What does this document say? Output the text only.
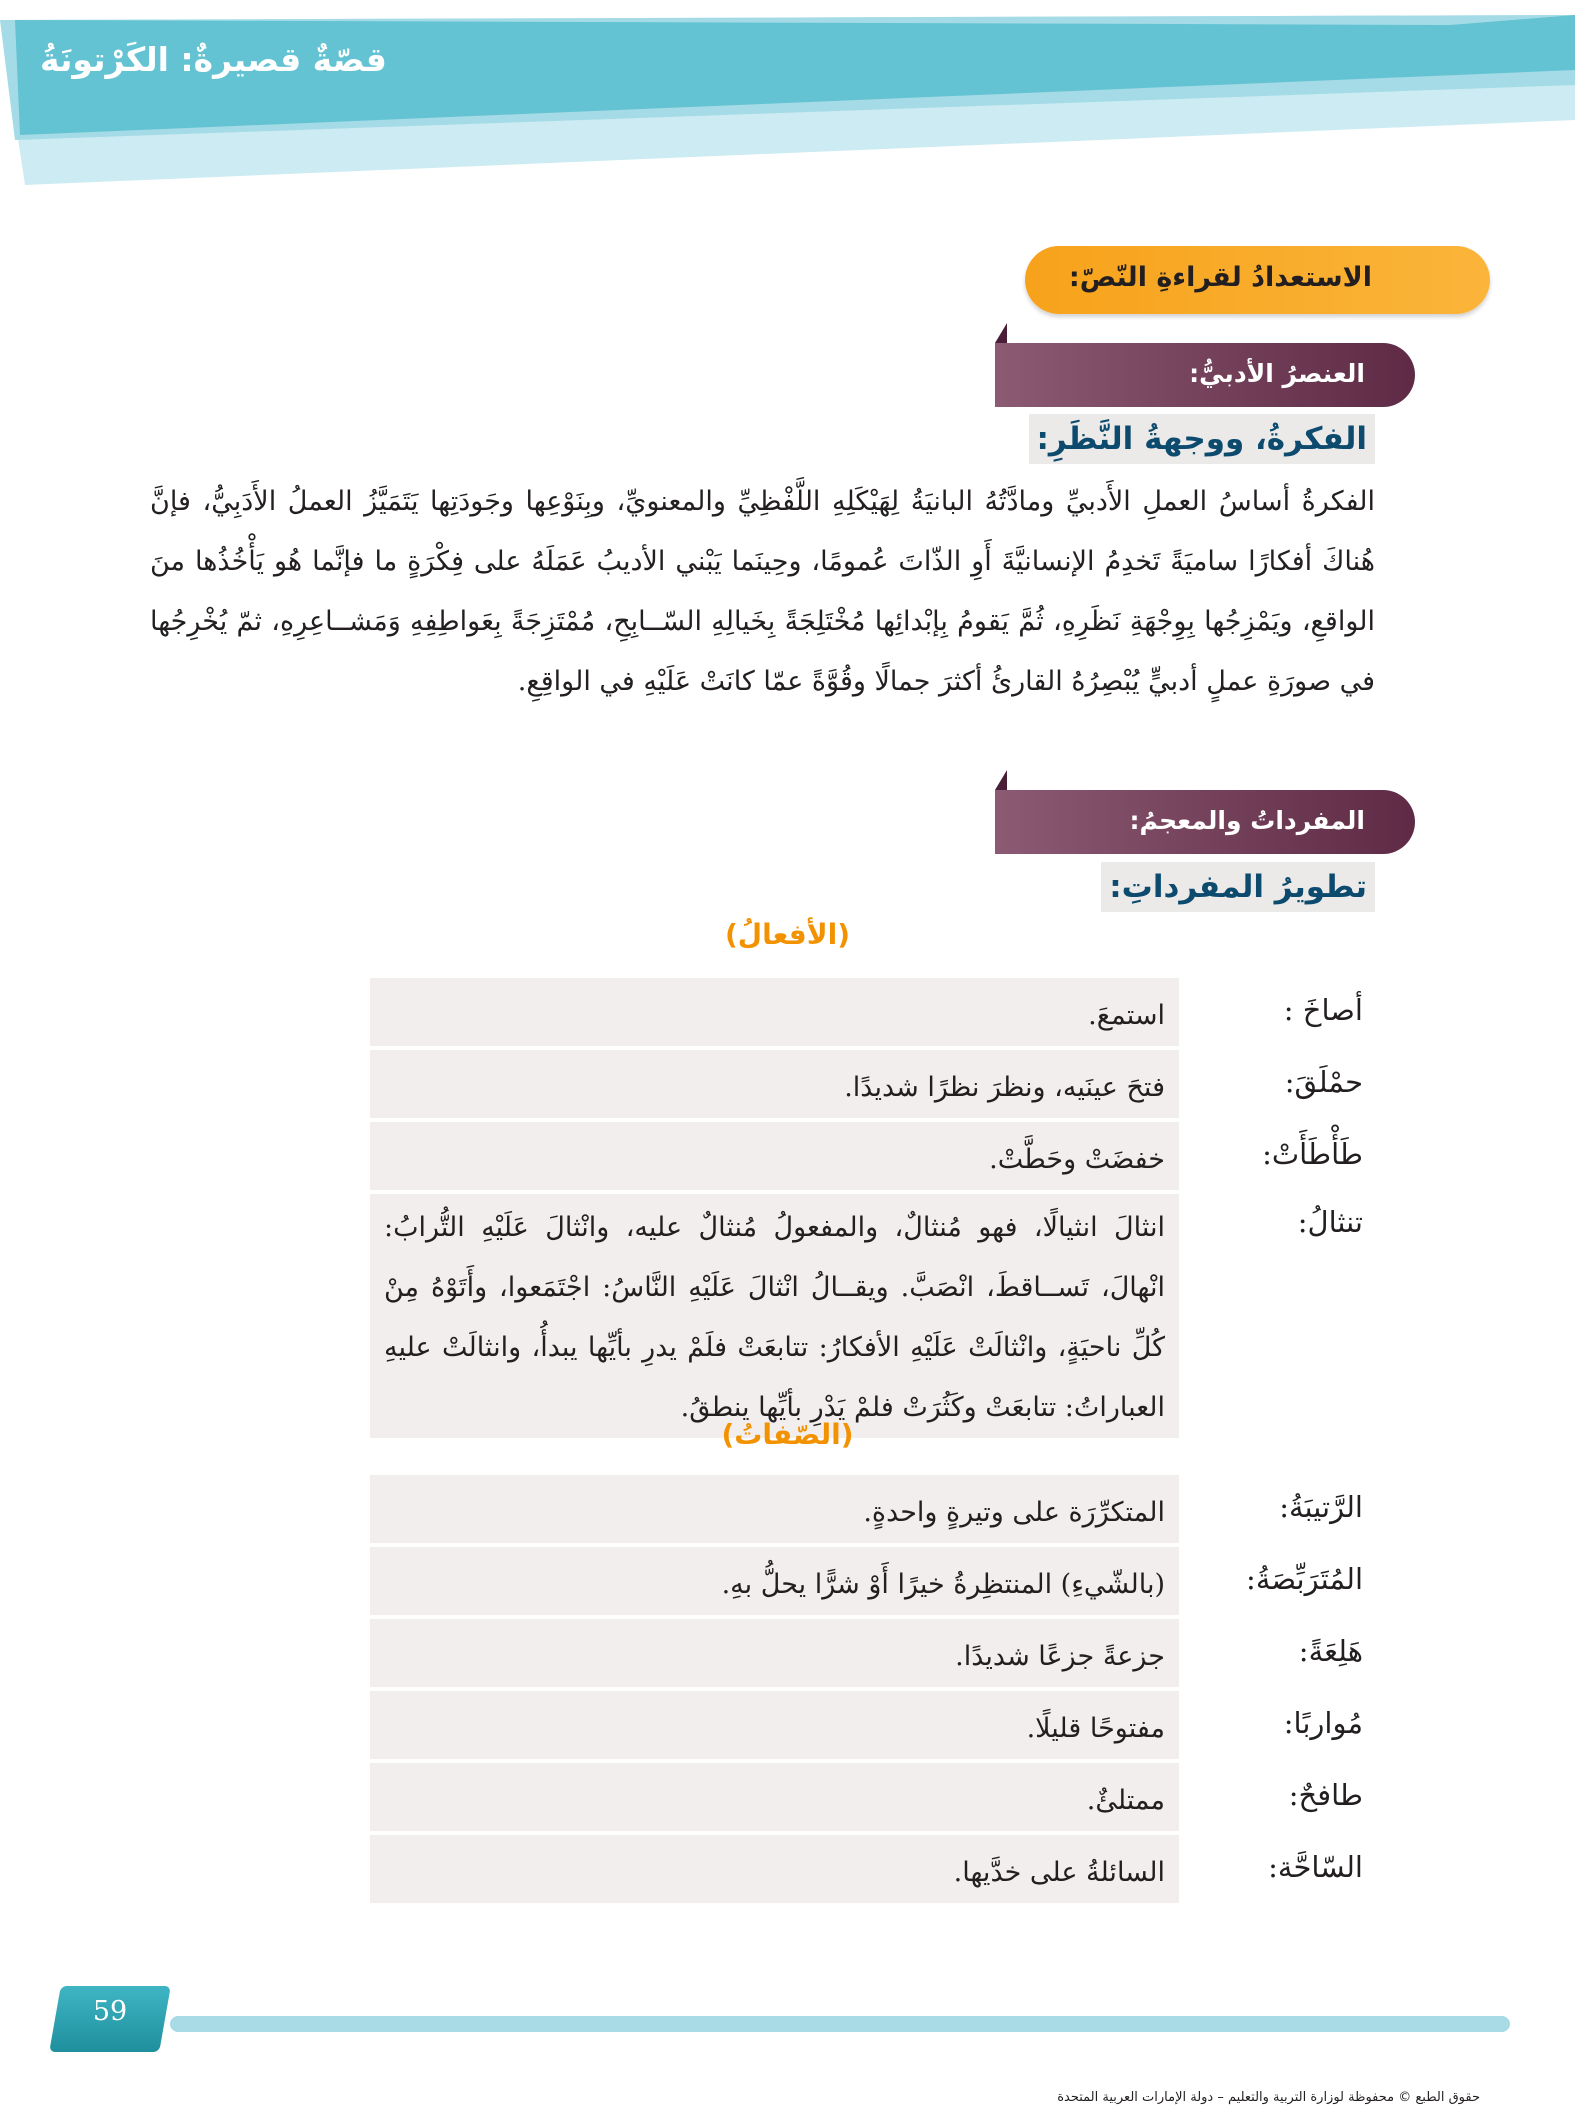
قصّةٌ قصيرةٌ: الكَرْتونَةُ
الاستعدادُ لقراءةِ النّصّ:
العنصرُ الأدبيُّ:
الفكرةُ، ووجهةُ النَّظَرِ:
الفكرةُ أساسُ العملِ الأَدبيِّ ومادَّتُهُ البانيَةُ لِهَيْكَلِهِ اللَّفْظِيِّ والمعنويِّ، وبِنَوْعِها وجَودَتِها يَتَمَيَّزُ العملُ الأَدَبِيُّ، فإنَّ هُناكَ أفكارًا ساميَةً تَخدِمُ الإنسانيَّةَ أَوِ الذّاتَ عُمومًا، وحِينَما يَبْني الأديبُ عَمَلَهُ على فِكْرَةٍ ما فإنَّما هُو يَأْخُذُها منَ الواقعِ، ويَمْزِجُها بِوِجْهَةِ نَظَرِهِ، ثُمَّ يَقومُ بِإبْدائِها مُخْتَلِجَةً بِخَيالِهِ السّــابِحِ، مُمْتَزِجَةً بِعَواطِفِهِ وَمَشــاعِرِهِ، ثمّ يُخْرِجُها في صورَةِ عملٍ أدبيٍّ يُبْصِرُهُ القارئُ أكثرَ جمالًا وقُوَّةً عمّا كانَتْ عَلَيْهِ في الواقِعِ.
المفرداتُ والمعجمُ:
تطويرُ المفرداتِ:
(الأفعالُ)
أصاخَ :
استمعَ.
حمْلَقَ:
فتحَ عينَيه، ونظرَ نظرًا شديدًا.
طَأْطَأَتْ:
خفضَتْ وحَطَّتْ.
تنثالُ:
انثالَ انثيالًا، فهو مُنثالٌ، والمفعولُ مُنثالٌ عليه، وانْثالَ عَلَيْهِ التُّرابُ: انْهالَ، تَســاقطَ، انْصَبَّ. ويقــالُ انْثالَ عَلَيْهِ النَّاسُ: اجْتَمَعوا، وأَتَوْهُ مِنْ كُلِّ ناحيَةٍ، وانْثالَتْ عَلَيْهِ الأفكارُ: تتابعَتْ فلَمْ يدرِ بأيِّها يبدأُ، وانثالَتْ عليهِ العباراتُ: تتابعَتْ وكَثُرَتْ فلمْ يَدْرِ بأيِّها ينطقُ.
(الصّفاتُ)
الرَّتيبَةُ:
المتكرِّرَة على وتيرةٍ واحدةٍ.
المُتَرَبِّصَةُ:
(بالشّيءِ) المنتظِرةُ خيرًا أَوْ شرًّا يحلُّ بهِ.
هَلِعَةً:
جزعةً جزعًا شديدًا.
مُواربًا:
مفتوحًا قليلًا.
طافحٌ:
ممتلئٌ.
السّاحَّة:
السائلةُ على خدَّيها.
59
حقوق الطبع © محفوظة لوزارة التربية والتعليم – دولة الإمارات العربية المتحدة
